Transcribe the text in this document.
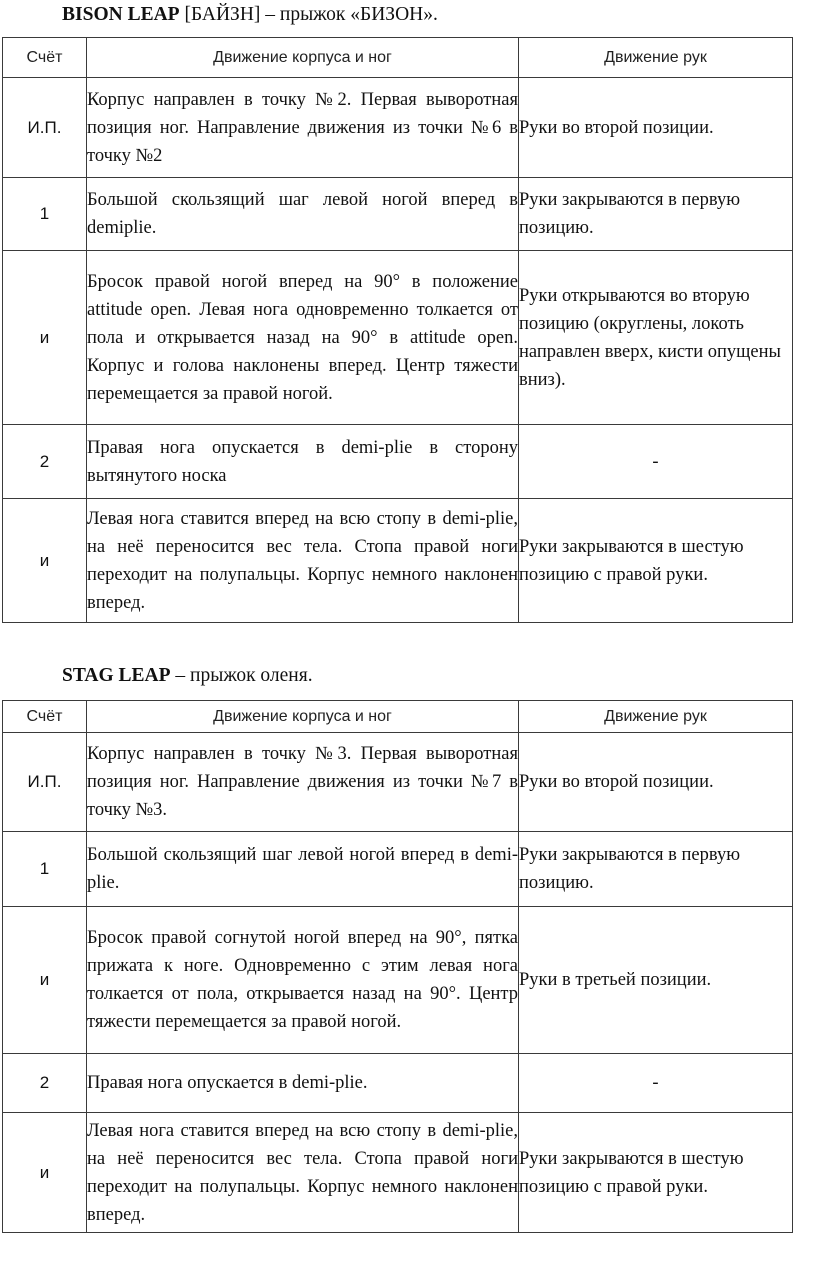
BISON LEAP [БАЙЗН] – прыжок «БИЗОН».
Счёт	Движение корпуса и ног	Движение рук
И.П.	Корпус направлен в точку №2. Первая выворотная позиция ног. Направление движения из точки №6 в точку №2	Руки во второй позиции.
1	Большой скользящий шаг левой ногой вперед в demiplie.	Руки закрываются в первую позицию.
и	Бросок правой ногой вперед на 90° в положение attitude open. Левая нога одновременно толкается от пола и открывается назад на 90° в attitude open. Корпус и голова наклонены вперед. Центр тяжести перемещается за правой ногой.	Руки открываются во вторую позицию (округлены, локоть направлен вверх, кисти опущены вниз).
2	Правая нога опускается в demi-plie в сторону вытянутого носка	-
и	Левая нога ставится вперед на всю стопу в demi-plie, на неё переносится вес тела. Стопа правой ноги переходит на полупальцы. Корпус немного наклонен вперед.	Руки закрываются в шестую позицию с правой руки.
STAG LEAP – прыжок оленя.
Счёт	Движение корпуса и ног	Движение рук
И.П.	Корпус направлен в точку №3. Первая выворотная позиция ног. Направление движения из точки №7 в точку №3.	Руки во второй позиции.
1	Большой скользящий шаг левой ногой вперед в demi-plie.	Руки закрываются в первую позицию.
и	Бросок правой согнутой ногой вперед на 90°, пятка прижата к ноге. Одновременно с этим левая нога толкается от пола, открывается назад на 90°. Центр тяжести перемещается за правой ногой.	Руки в третьей позиции.
2	Правая нога опускается в demi-plie.	-
и	Левая нога ставится вперед на всю стопу в demi-plie, на неё переносится вес тела. Стопа правой ноги переходит на полупальцы. Корпус немного наклонен вперед.	Руки закрываются в шестую позицию с правой руки.
